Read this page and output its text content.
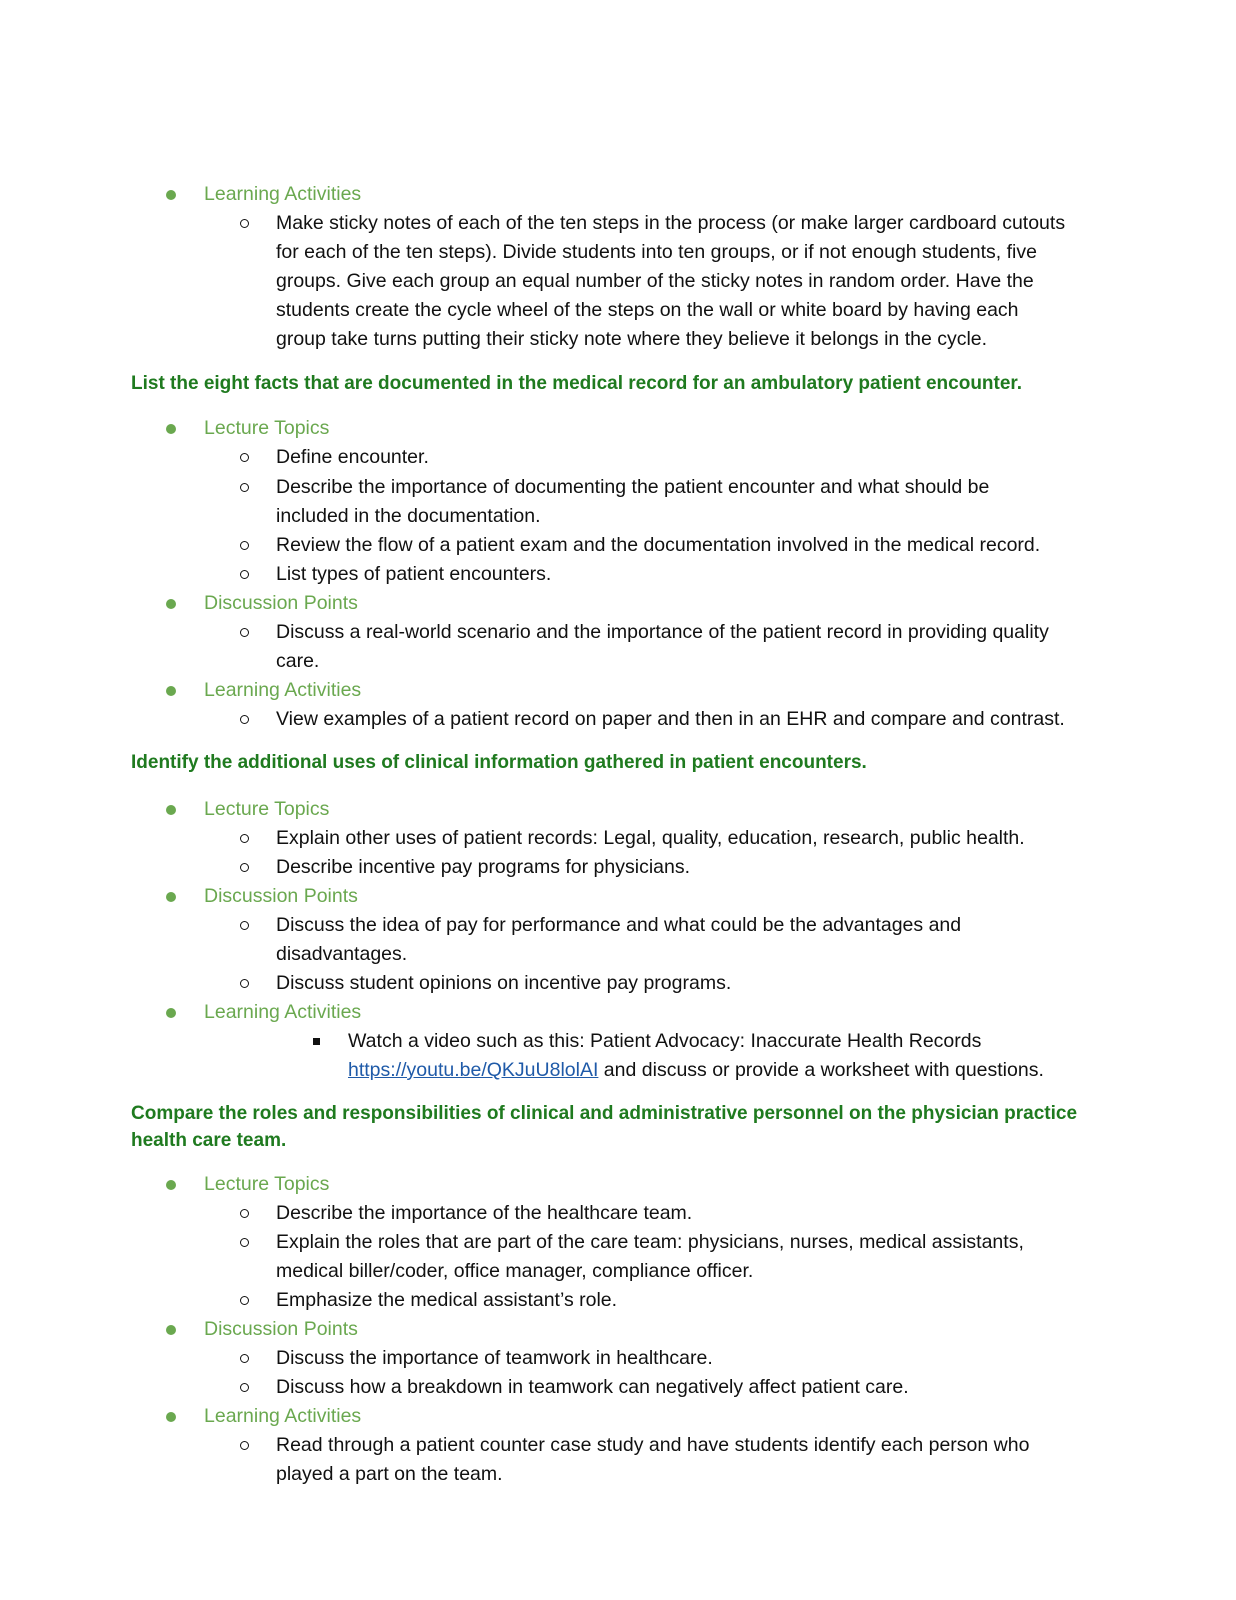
Learning Activities
Make sticky notes of each of the ten steps in the process (or make larger cardboard cutouts
for each of the ten steps). Divide students into ten groups, or if not enough students, five
groups. Give each group an equal number of the sticky notes in random order. Have the
students create the cycle wheel of the steps on the wall or white board by having each
group take turns putting their sticky note where they believe it belongs in the cycle.
List the eight facts that are documented in the medical record for an ambulatory patient encounter.
Lecture Topics
Define encounter.
Describe the importance of documenting the patient encounter and what should be
included in the documentation.
Review the flow of a patient exam and the documentation involved in the medical record.
List types of patient encounters.
Discussion Points
Discuss a real-world scenario and the importance of the patient record in providing quality
care.
Learning Activities
View examples of a patient record on paper and then in an EHR and compare and contrast.
Identify the additional uses of clinical information gathered in patient encounters.
Lecture Topics
Explain other uses of patient records: Legal, quality, education, research, public health.
Describe incentive pay programs for physicians.
Discussion Points
Discuss the idea of pay for performance and what could be the advantages and
disadvantages.
Discuss student opinions on incentive pay programs.
Learning Activities
Watch a video such as this: Patient Advocacy: Inaccurate Health Records
https://youtu.be/QKJuU8lolAI and discuss or provide a worksheet with questions.
Compare the roles and responsibilities of clinical and administrative personnel on the physician practice
health care team.
Lecture Topics
Describe the importance of the healthcare team.
Explain the roles that are part of the care team: physicians, nurses, medical assistants,
medical biller/coder, office manager, compliance officer.
Emphasize the medical assistant’s role.
Discussion Points
Discuss the importance of teamwork in healthcare.
Discuss how a breakdown in teamwork can negatively affect patient care.
Learning Activities
Read through a patient counter case study and have students identify each person who
played a part on the team.
